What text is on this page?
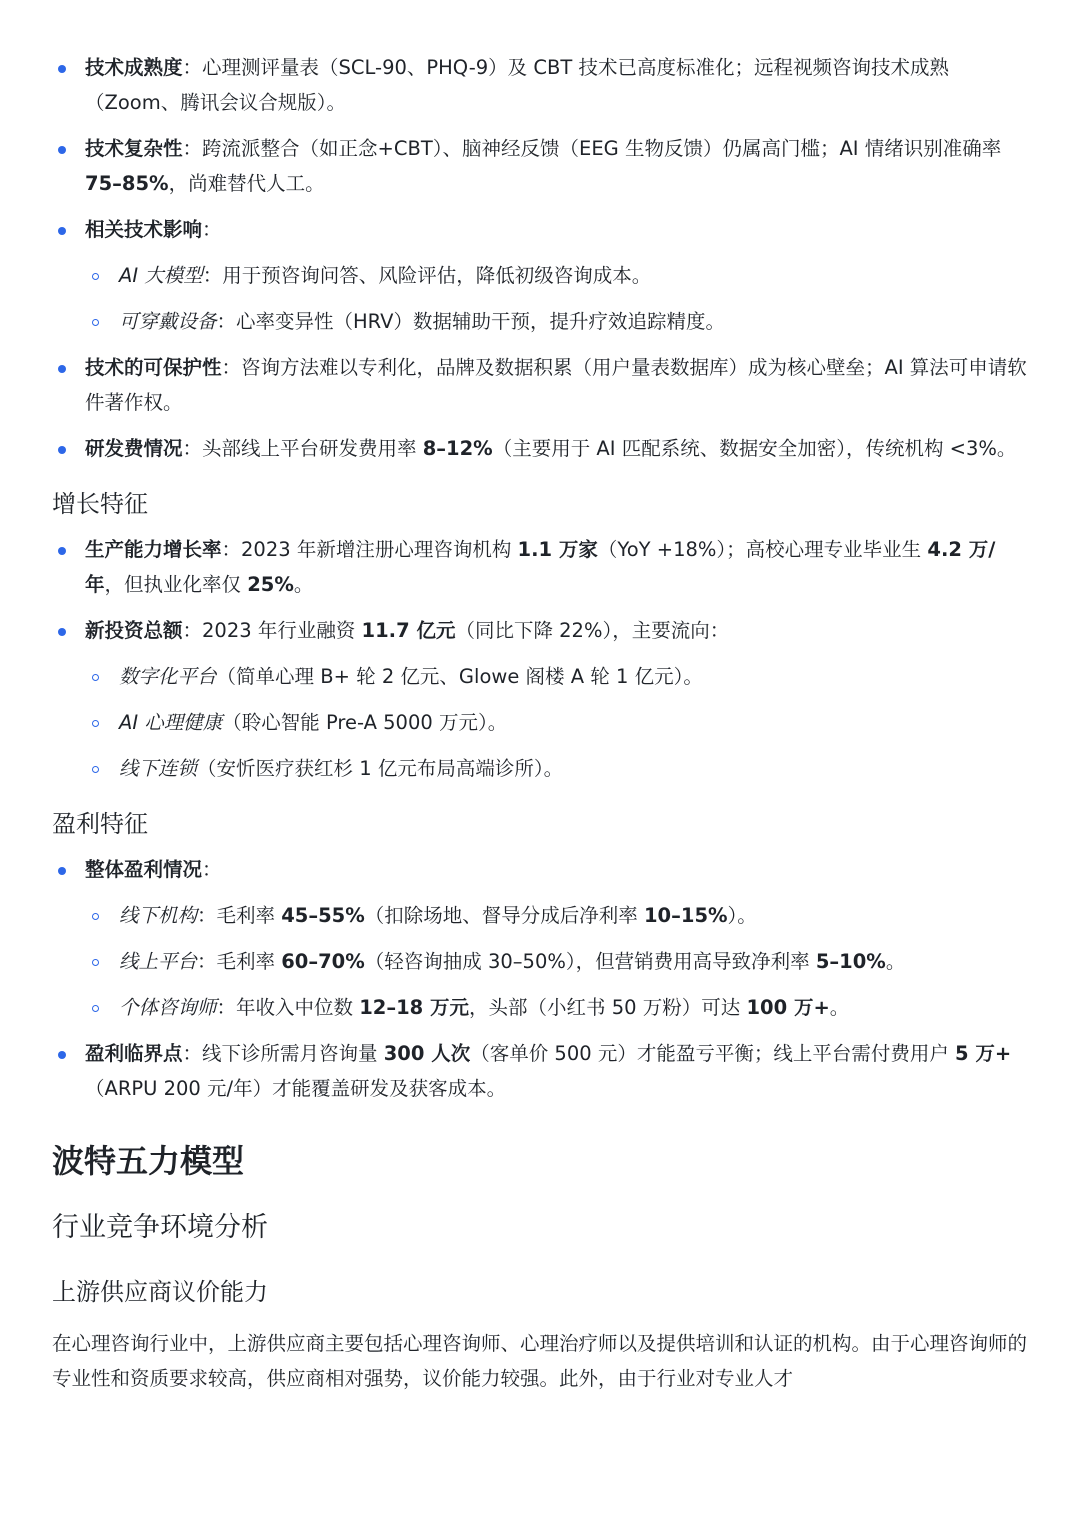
技术成熟度：心理测评量表（SCL-90、PHQ-9）及 CBT 技术已高度标准化；远程视频咨询技术成熟（Zoom、腾讯会议合规版）。
技术复杂性：跨流派整合（如正念+CBT）、脑神经反馈（EEG 生物反馈）仍属高门槛；AI 情绪识别准确率 75–85%，尚难替代人工。
相关技术影响：
AI 大模型：用于预咨询问答、风险评估，降低初级咨询成本。
可穿戴设备：心率变异性（HRV）数据辅助干预，提升疗效追踪精度。
技术的可保护性：咨询方法难以专利化，品牌及数据积累（用户量表数据库）成为核心壁垒；AI 算法可申请软件著作权。
研发费情况：头部线上平台研发费用率 8–12%（主要用于 AI 匹配系统、数据安全加密），传统机构 <3%。
增长特征
生产能力增长率：2023 年新增注册心理咨询机构 1.1 万家（YoY +18%）；高校心理专业毕业生 4.2 万/年，但执业化率仅 25%。
新投资总额：2023 年行业融资 11.7 亿元（同比下降 22%），主要流向：
数字化平台（简单心理 B+ 轮 2 亿元、Glowe 阁楼 A 轮 1 亿元）。
AI 心理健康（聆心智能 Pre-A 5000 万元）。
线下连锁（安忻医疗获红杉 1 亿元布局高端诊所）。
盈利特征
整体盈利情况：
线下机构：毛利率 45–55%（扣除场地、督导分成后净利率 10–15%）。
线上平台：毛利率 60–70%（轻咨询抽成 30–50%），但营销费用高导致净利率 5–10%。
个体咨询师：年收入中位数 12–18 万元，头部（小红书 50 万粉）可达 100 万+。
盈利临界点：线下诊所需月咨询量 300 人次（客单价 500 元）才能盈亏平衡；线上平台需付费用户 5 万+（ARPU 200 元/年）才能覆盖研发及获客成本。
波特五力模型
行业竞争环境分析
上游供应商议价能力

在心理咨询行业中，上游供应商主要包括心理咨询师、心理治疗师以及提供培训和认证的机构。由于心理咨询师的专业性和资质要求较高，供应商相对强势，议价能力较强。此外，由于行业对专业人才
